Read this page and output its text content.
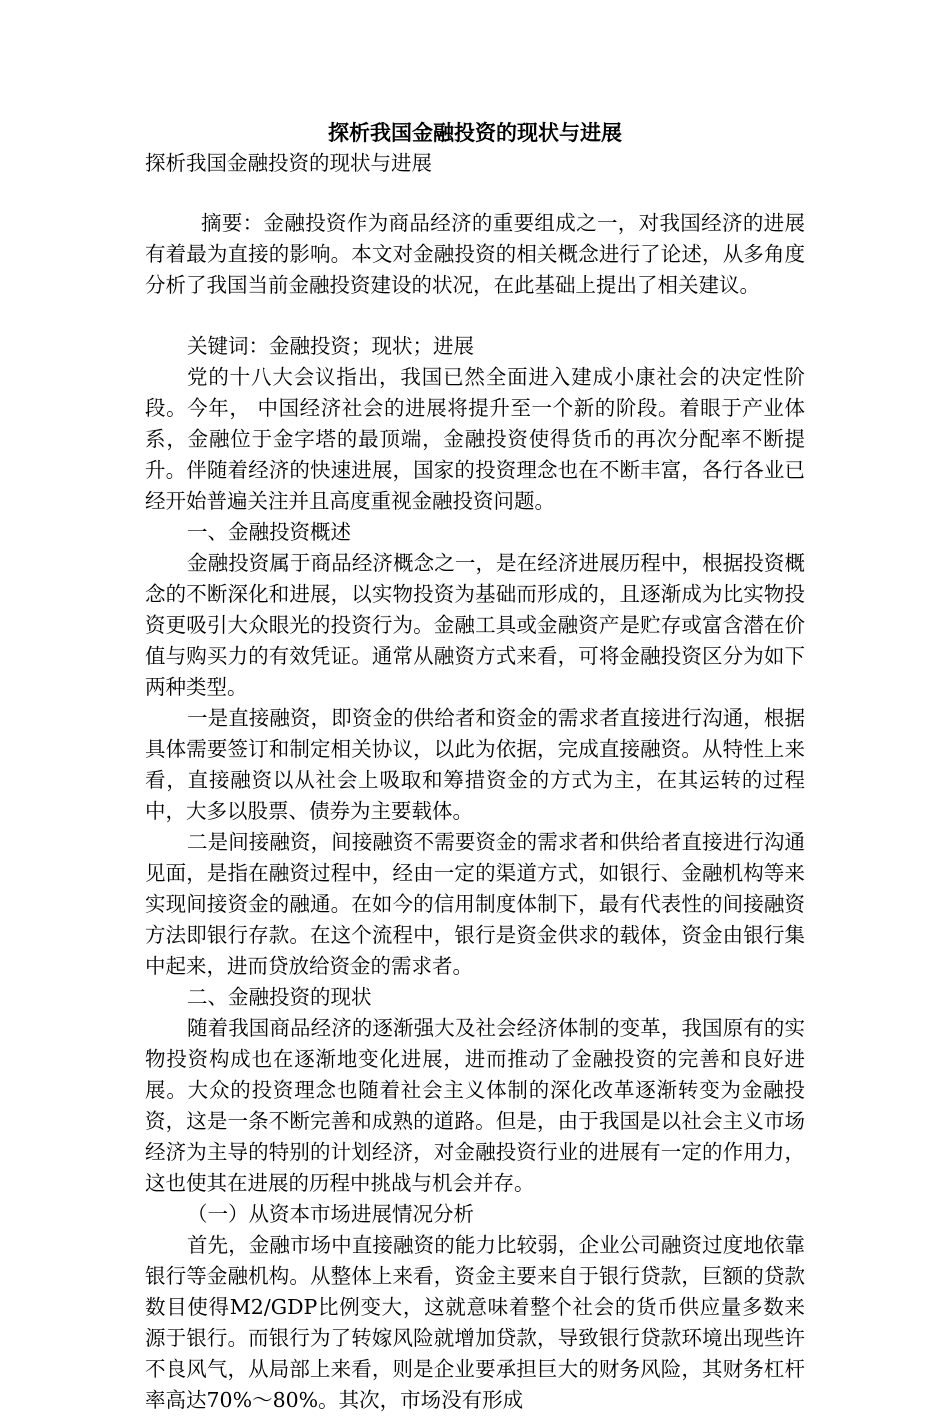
探析我国金融投资的现状与进展

探析我国金融投资的现状与进展

摘要：金融投资作为商品经济的重要组成之一，对我国经济的进展有着最为直接的影响。本文对金融投资的相关概念进行了论述，从多角度分析了我国当前金融投资建设的状况，在此基础上提出了相关建议。

关键词：金融投资；现状；进展

党的十八大会议指出，我国已然全面进入建成小康社会的决定性阶段。今年， 中国经济社会的进展将提升至一个新的阶段。着眼于产业体系，金融位于金字塔的最顶端，金融投资使得货币的再次分配率不断提升。伴随着经济的快速进展，国家的投资理念也在不断丰富，各行各业已经开始普遍关注并且高度重视金融投资问题。

一、金融投资概述

金融投资属于商品经济概念之一，是在经济进展历程中，根据投资概念的不断深化和进展，以实物投资为基础而形成的，且逐渐成为比实物投资更吸引大众眼光的投资行为。金融工具或金融资产是贮存或富含潜在价值与购买力的有效凭证。通常从融资方式来看，可将金融投资区分为如下两种类型。

一是直接融资，即资金的供给者和资金的需求者直接进行沟通，根据具体需要签订和制定相关协议，以此为依据，完成直接融资。从特性上来看，直接融资以从社会上吸取和筹措资金的方式为主，在其运转的过程中，大多以股票、债券为主要载体。

二是间接融资，间接融资不需要资金的需求者和供给者直接进行沟通见面，是指在融资过程中，经由一定的渠道方式，如银行、金融机构等来实现间接资金的融通。在如今的信用制度体制下，最有代表性的间接融资方法即银行存款。在这个流程中，银行是资金供求的载体，资金由银行集中起来，进而贷放给资金的需求者。

二、金融投资的现状

随着我国商品经济的逐渐强大及社会经济体制的变革，我国原有的实物投资构成也在逐渐地变化进展，进而推动了金融投资的完善和良好进展。大众的投资理念也随着社会主义体制的深化改革逐渐转变为金融投资，这是一条不断完善和成熟的道路。但是，由于我国是以社会主义市场经济为主导的特别的计划经济，对金融投资行业的进展有一定的作用力，这也使其在进展的历程中挑战与机会并存。

（一）从资本市场进展情况分析

首先，金融市场中直接融资的能力比较弱，企业公司融资过度地依靠银行等金融机构。从整体上来看，资金主要来自于银行贷款，巨额的贷款数目使得M2/GDP比例变大，这就意味着整个社会的货币供应量多数来源于银行。而银行为了转嫁风险就增加贷款，导致银行贷款环境出现些许不良风气，从局部上来看，则是企业要承担巨大的财务风险，其财务杠杆率高达70%～80%。其次，市场没有形成
